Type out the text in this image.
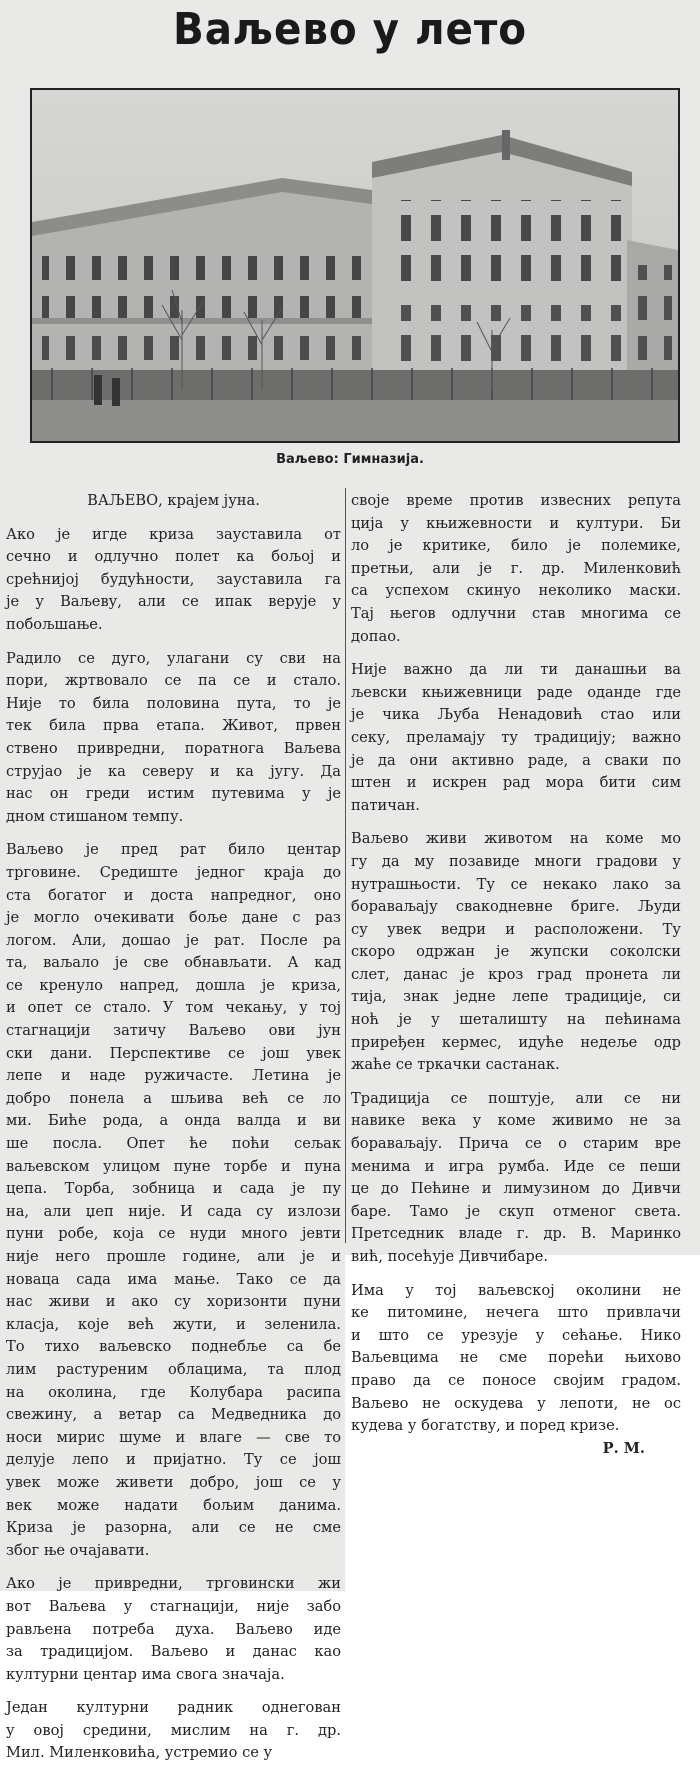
Ваљево у лето
Ваљево: Гимназија.
ВАЉЕВО, крајем јуна.

Ако је игде криза зауставила от
сечно и одлучно полет ка бољој и
срећнијој будућности, зауставила га
је у Ваљеву, али се ипак верује у
побољшање.

Радило се дуго, улагани су сви на
пори, жртвовало се па се и стало.
Није то била половина пута, то је
тек била прва етапа. Живот, првен
ствено привредни, поратнога Ваљева
струјао је ка северу и ка југу. Да
нас он греди истим путевима у је
дном стишаном темпу.

Ваљево је пред рат било центар
трговине. Средиште једног краја до
ста богатог и доста напредног, оно
је могло очекивати боље дане с раз
логом. Али, дошао је рат. После ра
та, ваљало је све обнављати. А кад
се кренуло напред, дошла је криза,
и опет се стало. У том чекању, у тој
стагнацији затичу Ваљево ови јун
ски дани. Перспективе се још увек
лепе и наде ружичасте. Летина је
добро понела а шљива већ се ло
ми. Биће рода, а онда валда и ви
ше посла. Опет ће поћи сељак
ваљевском улицом пуне торбе и пуна
цепа. Торба, зобница и сада је пу
на, али џеп није. И сада су излози
пуни робе, која се нуди много јевти
није него прошле године, али је и
новаца сада има мање. Тако се да
нас живи и ако су хоризонти пуни
класја, које већ жути, и зеленила.
То тихо ваљевско поднебље са бе
лим растуреним облацима, та плод
на околина, где Колубара расипа
свежину, а ветар са Медведника до
носи мирис шуме и влаге — све то
делује лепо и пријатно. Ту се још
увек може живети добро, још се у
век може надати бољим данима.
Криза је разорна, али се не сме
због ње очајавати.

Ако је привредни, трговински жи
вот Ваљева у стагнацији, није забо
рављена потреба духа. Ваљево иде
за традицијом. Ваљево и данас као
културни центар има свога значаја.

Један културни радник однегован
у овој средини, мислим на г. др.
Мил. Миленковића, устремио се у

своје време против извесних репута
ција у књижевности и култури. Би
ло је критике, било је полемике,
претњи, али је г. др. Миленковић
са успехом скинуо неколико маски.
Тај његов одлучни став многима се
допао.

Није важно да ли ти данашњи ва
љевски књижевници раде оданде где
је чика Љуба Ненадовић стао или
секу, преламају ту традицију; важно
је да они активно раде, а сваки по
штен и искрен рад мора бити сим
патичан.

Ваљево живи животом на коме мо
гу да му позавиде многи градови у
нутрашњости. Ту се некако лако за
бораваљају свакодневне бриге. Људи
су увек ведри и расположени. Ту
скоро одржан је жупски соколски
слет, данас је кроз град пронета ли
тија, знак једне лепе традиције, си
ноћ је у шеталишту на пећинама
приређен кермес, идуће недеље одр
жаће се тркачки састанак.

Традиција се поштује, али се ни
навике века у коме живимо не за
бораваљају. Прича се о старим вре
менима и игра румба. Иде се пеши
це до Пећине и лимузином до Дивчи
баре. Тамо је скуп отменог света.
Претседник владе г. др. В. Маринко
вић, посећује Дивчибаре.

Има у тој ваљевској околини не
ке питомине, нечега што привлачи
и што се урезује у сећање. Нико
Ваљевцима не сме порећи њихово
право да се поносе својим градом.
Ваљево не оскудева у лепоти, не ос
кудева у богатству, и поред кризе.

Р. М.
